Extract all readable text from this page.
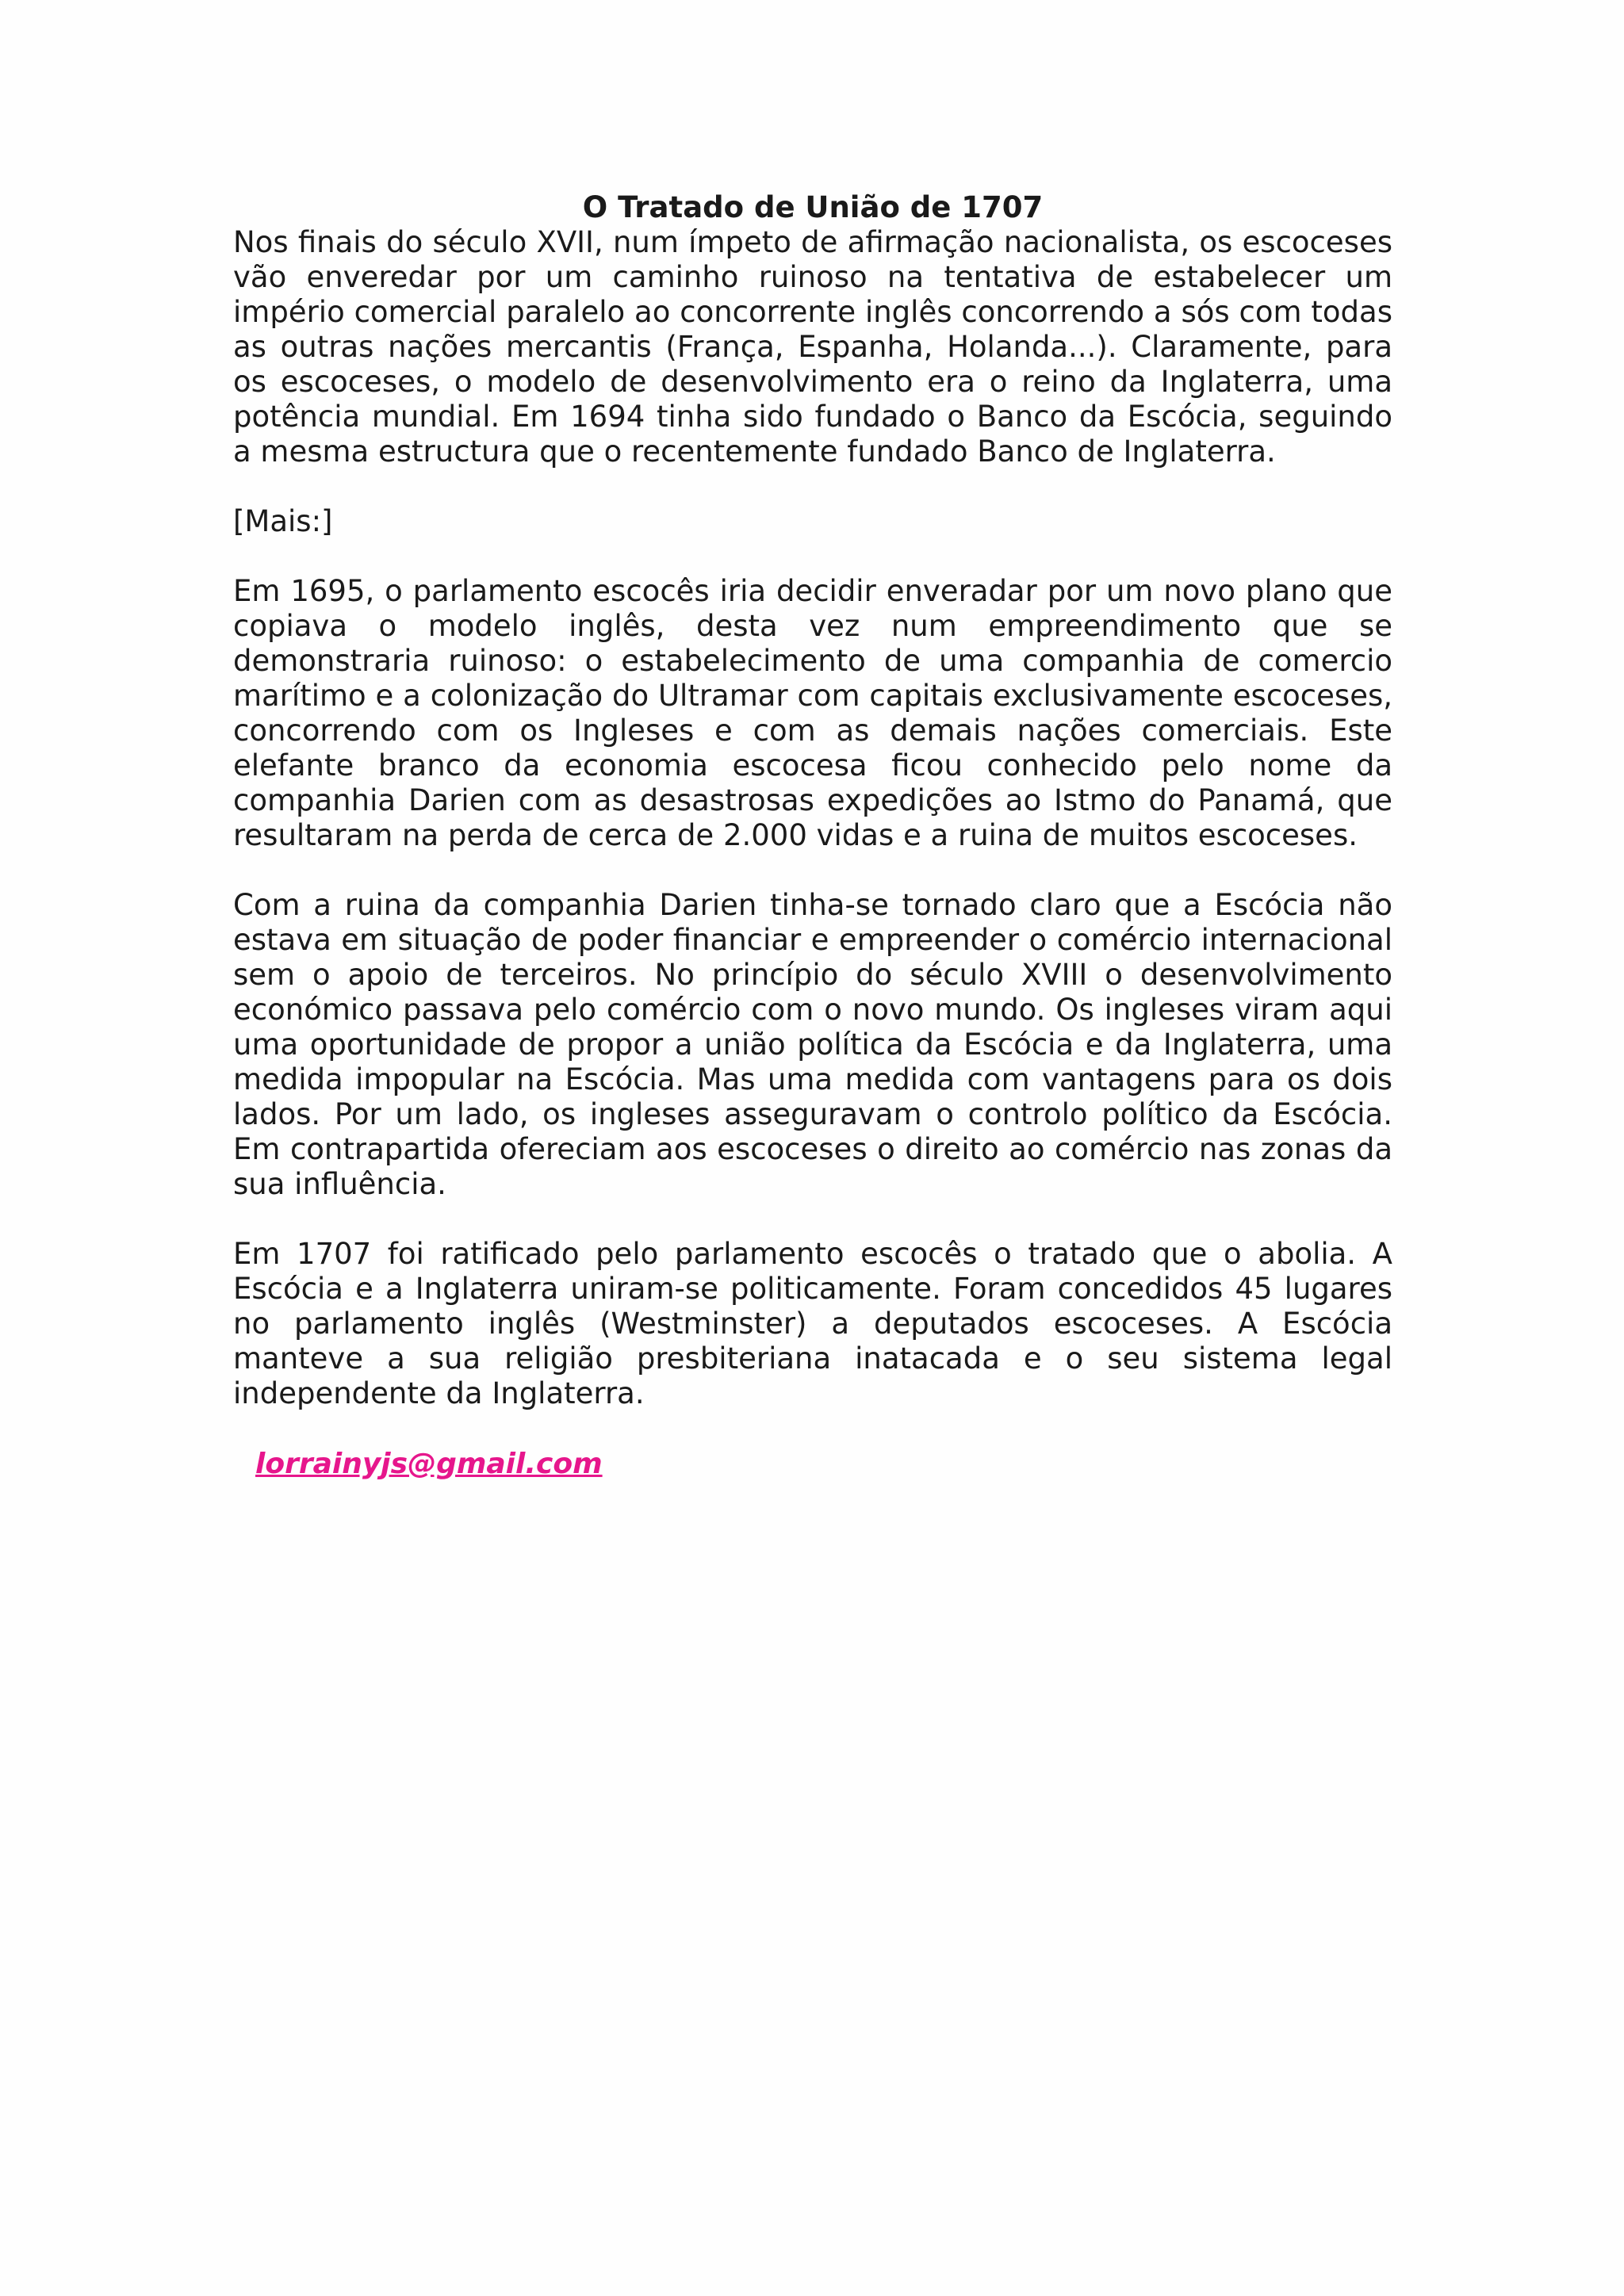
O Tratado de União de 1707

Nos finais do século XVII, num ímpeto de afirmação nacionalista, os escoceses vão enveredar por um caminho ruinoso na tentativa de estabelecer um império comercial paralelo ao concorrente inglês concorrendo a sós com todas as outras nações mercantis (França, Espanha, Holanda...). Claramente, para os escoceses, o modelo de desenvolvimento era o reino da Inglaterra, uma potência mundial. Em 1694 tinha sido fundado o Banco da Escócia, seguindo a mesma estructura que o recentemente fundado Banco de Inglaterra.

[Mais:]

Em 1695, o parlamento escocês iria decidir enveradar por um novo plano que copiava o modelo inglês, desta vez num empreendimento que se demonstraria ruinoso: o estabelecimento de uma companhia de comercio marítimo e a colonização do Ultramar com capitais exclusivamente escoceses, concorrendo com os Ingleses e com as demais nações comerciais. Este elefante branco da economia escocesa ficou conhecido pelo nome da companhia Darien com as desastrosas expedições ao Istmo do Panamá, que resultaram na perda de cerca de 2.000 vidas e a ruina de muitos escoceses.

Com a ruina da companhia Darien tinha-se tornado claro que a Escócia não estava em situação de poder financiar e empreender o comércio internacional sem o apoio de terceiros. No princípio do século XVIII o desenvolvimento económico passava pelo comércio com o novo mundo. Os ingleses viram aqui uma oportunidade de propor a união política da Escócia e da Inglaterra, uma medida impopular na Escócia. Mas uma medida com vantagens para os dois lados. Por um lado, os ingleses asseguravam o controlo político da Escócia. Em contrapartida ofereciam aos escoceses o direito ao comércio nas zonas da sua influência.

Em 1707 foi ratificado pelo parlamento escocês o tratado que o abolia. A Escócia e a Inglaterra uniram-se politicamente. Foram concedidos 45 lugares no parlamento inglês (Westminster) a deputados escoceses. A Escócia manteve a sua religião presbiteriana inatacada e o seu sistema legal independente da Inglaterra.

lorrainyjs@gmail.com
